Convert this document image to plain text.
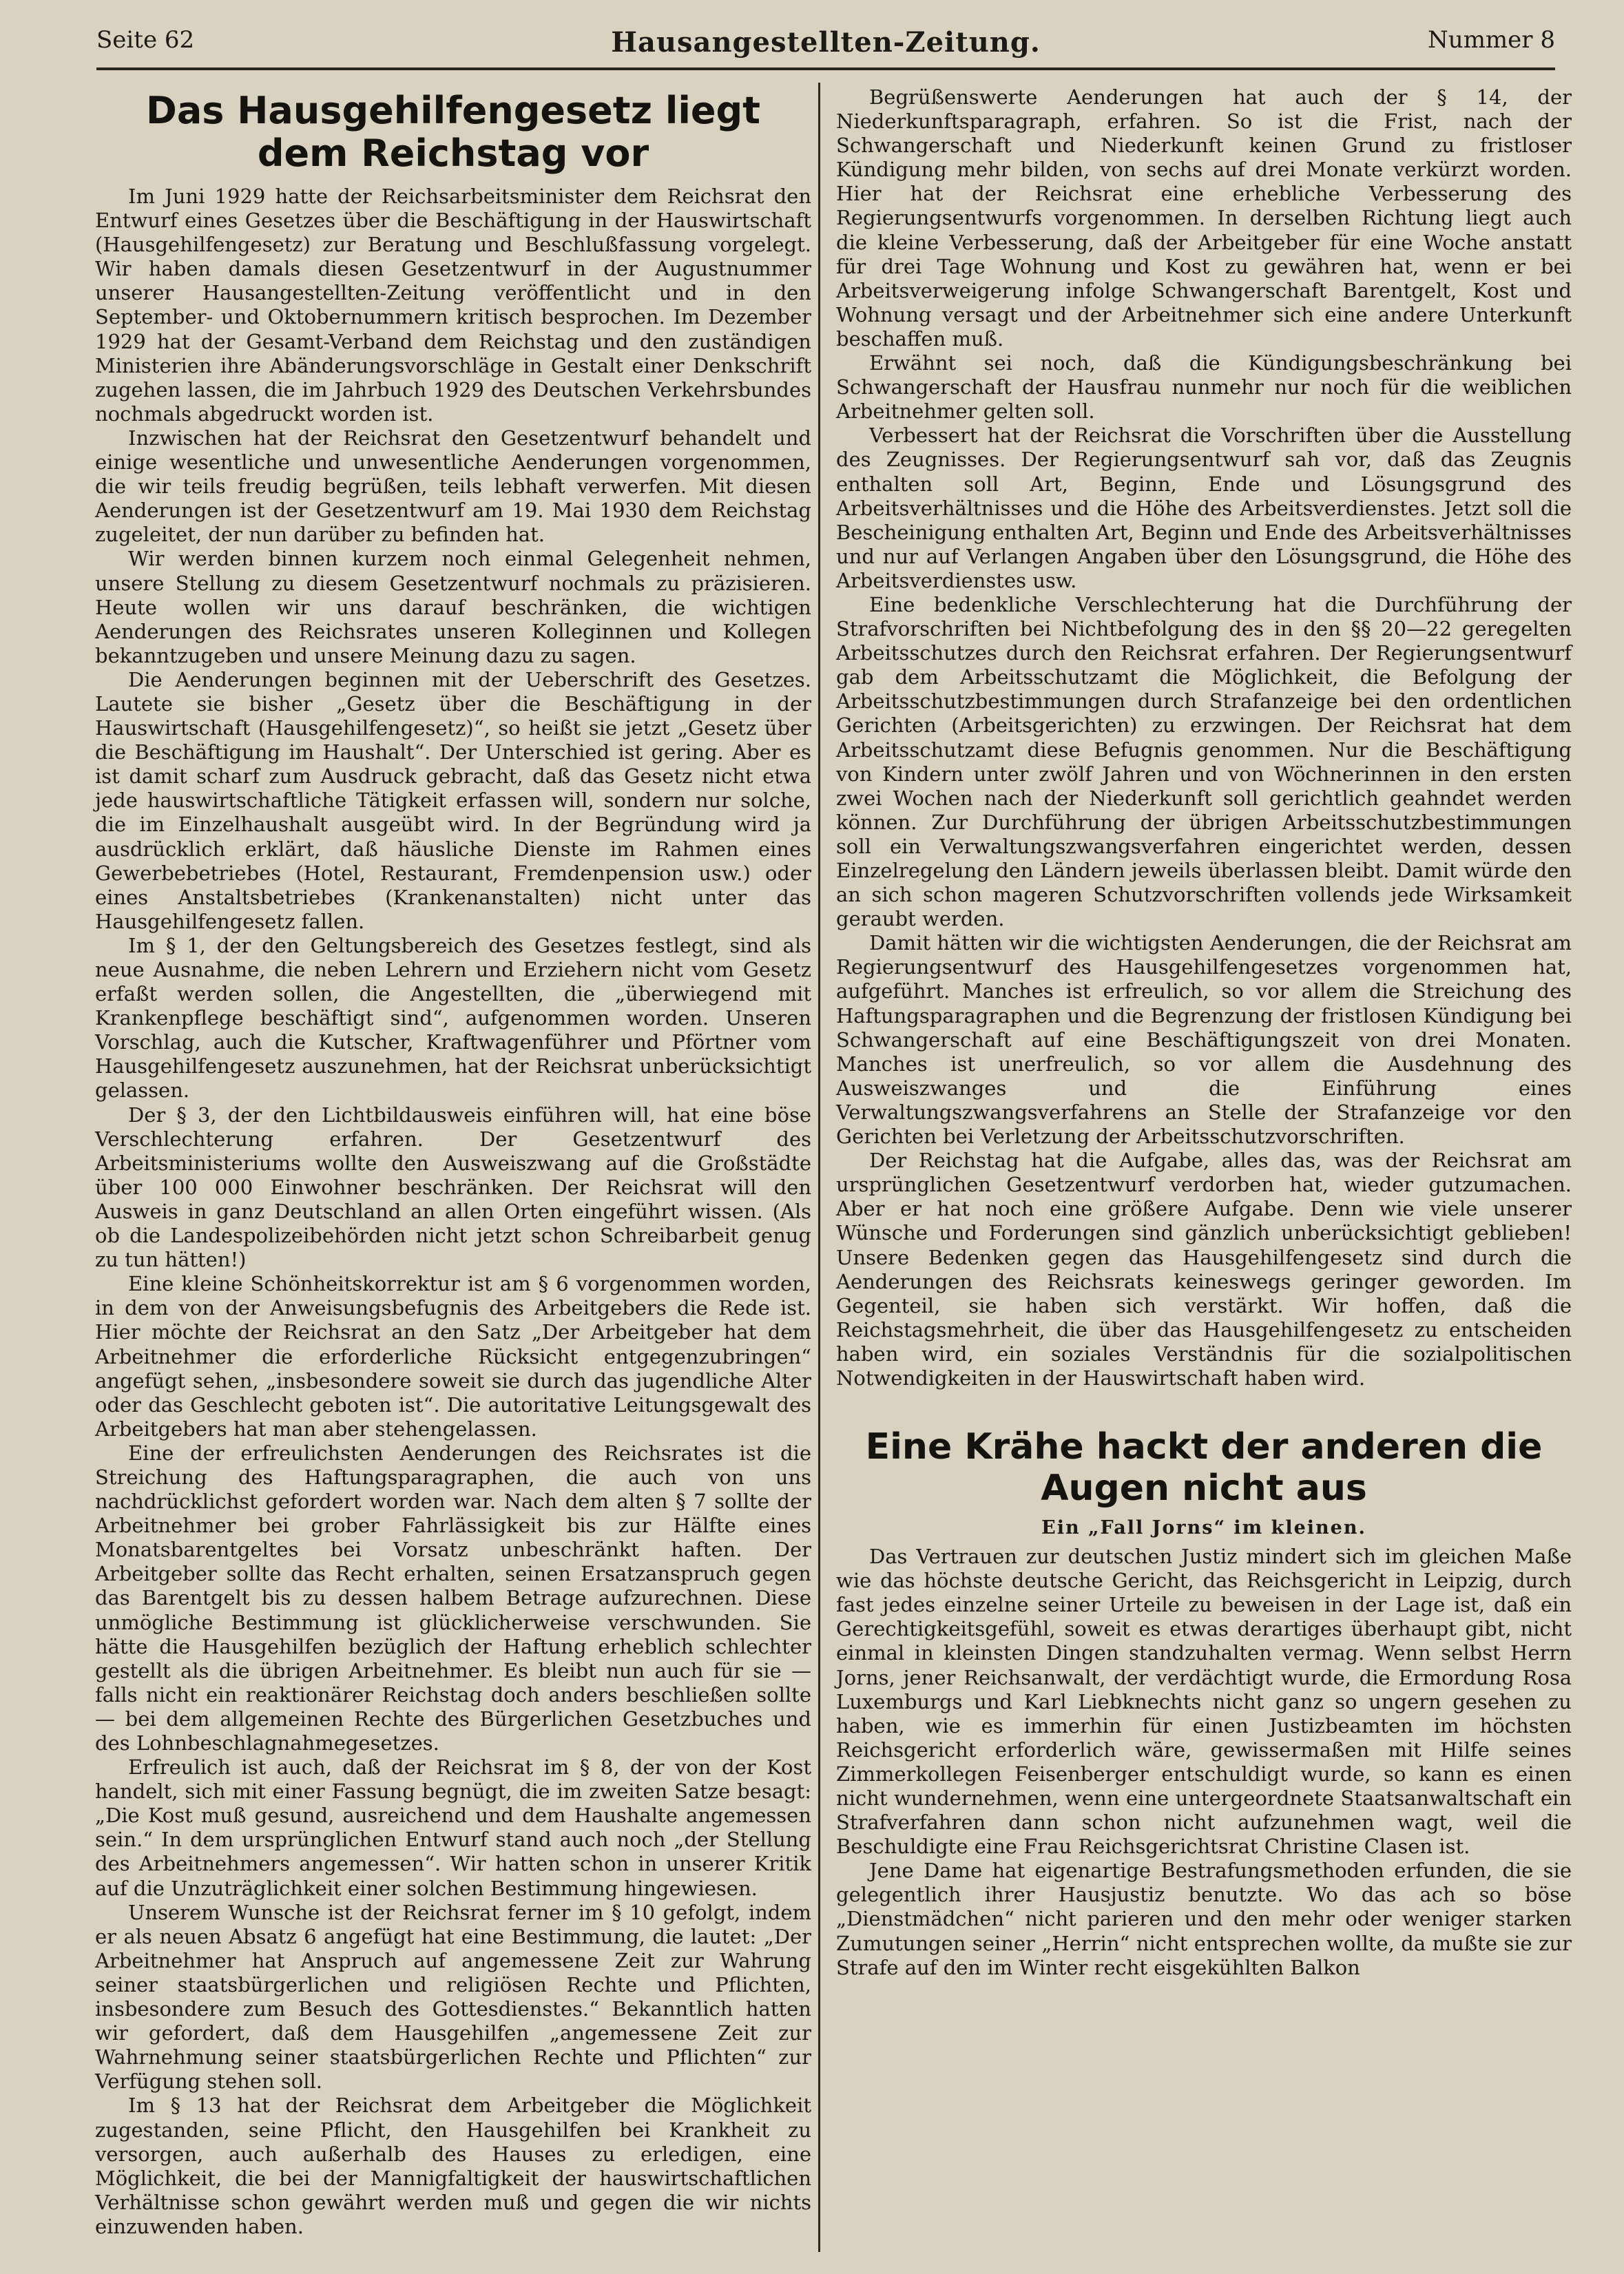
Seite 62	Hausangestellten-Zeitung.	Nummer 8
Das Hausgehilfengesetz liegt dem Reichstag vor

Im Juni 1929 hatte der Reichsarbeitsminister dem Reichsrat den Entwurf eines Gesetzes über die Beschäftigung in der Hauswirtschaft (Hausgehilfengesetz) zur Beratung und Beschlußfassung vorgelegt. Wir haben damals diesen Gesetzentwurf in der Augustnummer unserer Hausangestellten-Zeitung veröffentlicht und in den September- und Oktobernummern kritisch besprochen. Im Dezember 1929 hat der Gesamt-Verband dem Reichstag und den zuständigen Ministerien ihre Abänderungsvorschläge in Gestalt einer Denkschrift zugehen lassen, die im Jahrbuch 1929 des Deutschen Verkehrsbundes nochmals abgedruckt worden ist.

Inzwischen hat der Reichsrat den Gesetzentwurf behandelt und einige wesentliche und unwesentliche Aenderungen vorgenommen, die wir teils freudig begrüßen, teils lebhaft verwerfen. Mit diesen Aenderungen ist der Gesetzentwurf am 19. Mai 1930 dem Reichstag zugeleitet, der nun darüber zu befinden hat.

Wir werden binnen kurzem noch einmal Gelegenheit nehmen, unsere Stellung zu diesem Gesetzentwurf nochmals zu präzisieren. Heute wollen wir uns darauf beschränken, die wichtigen Aenderungen des Reichsrates unseren Kolleginnen und Kollegen bekanntzugeben und unsere Meinung dazu zu sagen.

Die Aenderungen beginnen mit der Ueberschrift des Gesetzes. Lautete sie bisher „Gesetz über die Beschäftigung in der Hauswirtschaft (Hausgehilfengesetz)“, so heißt sie jetzt „Gesetz über die Beschäftigung im Haushalt“. Der Unterschied ist gering. Aber es ist damit scharf zum Ausdruck gebracht, daß das Gesetz nicht etwa jede hauswirtschaftliche Tätigkeit erfassen will, sondern nur solche, die im Einzelhaushalt ausgeübt wird. In der Begründung wird ja ausdrücklich erklärt, daß häusliche Dienste im Rahmen eines Gewerbebetriebes (Hotel, Restaurant, Fremdenpension usw.) oder eines Anstaltsbetriebes (Krankenanstalten) nicht unter das Hausgehilfengesetz fallen.

Im § 1, der den Geltungsbereich des Gesetzes festlegt, sind als neue Ausnahme, die neben Lehrern und Erziehern nicht vom Gesetz erfaßt werden sollen, die Angestellten, die „überwiegend mit Krankenpflege beschäftigt sind“, aufgenommen worden. Unseren Vorschlag, auch die Kutscher, Kraftwagenführer und Pförtner vom Hausgehilfengesetz auszunehmen, hat der Reichsrat unberücksichtigt gelassen.

Der § 3, der den Lichtbildausweis einführen will, hat eine böse Verschlechterung erfahren. Der Gesetzentwurf des Arbeitsministeriums wollte den Ausweiszwang auf die Großstädte über 100 000 Einwohner beschränken. Der Reichsrat will den Ausweis in ganz Deutschland an allen Orten eingeführt wissen. (Als ob die Landespolizeibehörden nicht jetzt schon Schreibarbeit genug zu tun hätten!)

Eine kleine Schönheitskorrektur ist am § 6 vorgenommen worden, in dem von der Anweisungsbefugnis des Arbeitgebers die Rede ist. Hier möchte der Reichsrat an den Satz „Der Arbeitgeber hat dem Arbeitnehmer die erforderliche Rücksicht entgegenzubringen“ angefügt sehen, „insbesondere soweit sie durch das jugendliche Alter oder das Geschlecht geboten ist“. Die autoritative Leitungsgewalt des Arbeitgebers hat man aber stehengelassen.

Eine der erfreulichsten Aenderungen des Reichsrates ist die Streichung des Haftungsparagraphen, die auch von uns nachdrücklichst gefordert worden war. Nach dem alten § 7 sollte der Arbeitnehmer bei grober Fahrlässigkeit bis zur Hälfte eines Monatsbarentgeltes bei Vorsatz unbeschränkt haften. Der Arbeitgeber sollte das Recht erhalten, seinen Ersatzanspruch gegen das Barentgelt bis zu dessen halbem Betrage aufzurechnen. Diese unmögliche Bestimmung ist glücklicherweise verschwunden. Sie hätte die Hausgehilfen bezüglich der Haftung erheblich schlechter gestellt als die übrigen Arbeitnehmer. Es bleibt nun auch für sie — falls nicht ein reaktionärer Reichstag doch anders beschließen sollte — bei dem allgemeinen Rechte des Bürgerlichen Gesetzbuches und des Lohnbeschlagnahmegesetzes.

Erfreulich ist auch, daß der Reichsrat im § 8, der von der Kost handelt, sich mit einer Fassung begnügt, die im zweiten Satze besagt: „Die Kost muß gesund, ausreichend und dem Haushalte angemessen sein.“ In dem ursprünglichen Entwurf stand auch noch „der Stellung des Arbeitnehmers angemessen“. Wir hatten schon in unserer Kritik auf die Unzuträglichkeit einer solchen Bestimmung hingewiesen.

Unserem Wunsche ist der Reichsrat ferner im § 10 gefolgt, indem er als neuen Absatz 6 angefügt hat eine Bestimmung, die lautet: „Der Arbeitnehmer hat Anspruch auf angemessene Zeit zur Wahrung seiner staatsbürgerlichen und religiösen Rechte und Pflichten, insbesondere zum Besuch des Gottesdienstes.“ Bekanntlich hatten wir gefordert, daß dem Hausgehilfen „angemessene Zeit zur Wahrnehmung seiner staatsbürgerlichen Rechte und Pflichten“ zur Verfügung stehen soll.

Im § 13 hat der Reichsrat dem Arbeitgeber die Möglichkeit zugestanden, seine Pflicht, den Hausgehilfen bei Krankheit zu versorgen, auch außerhalb des Hauses zu erledigen, eine Möglichkeit, die bei der Mannigfaltigkeit der hauswirtschaftlichen Verhältnisse schon gewährt werden muß und gegen die wir nichts einzuwenden haben.

Begrüßenswerte Aenderungen hat auch der § 14, der Niederkunftsparagraph, erfahren. So ist die Frist, nach der Schwangerschaft und Niederkunft keinen Grund zu fristloser Kündigung mehr bilden, von sechs auf drei Monate verkürzt worden. Hier hat der Reichsrat eine erhebliche Verbesserung des Regierungsentwurfs vorgenommen. In derselben Richtung liegt auch die kleine Verbesserung, daß der Arbeitgeber für eine Woche anstatt für drei Tage Wohnung und Kost zu gewähren hat, wenn er bei Arbeitsverweigerung infolge Schwangerschaft Barentgelt, Kost und Wohnung versagt und der Arbeitnehmer sich eine andere Unterkunft beschaffen muß.

Erwähnt sei noch, daß die Kündigungsbeschränkung bei Schwangerschaft der Hausfrau nunmehr nur noch für die weiblichen Arbeitnehmer gelten soll.

Verbessert hat der Reichsrat die Vorschriften über die Ausstellung des Zeugnisses. Der Regierungsentwurf sah vor, daß das Zeugnis enthalten soll Art, Beginn, Ende und Lösungsgrund des Arbeitsverhältnisses und die Höhe des Arbeitsverdienstes. Jetzt soll die Bescheinigung enthalten Art, Beginn und Ende des Arbeitsverhältnisses und nur auf Verlangen Angaben über den Lösungsgrund, die Höhe des Arbeitsverdienstes usw.

Eine bedenkliche Verschlechterung hat die Durchführung der Strafvorschriften bei Nichtbefolgung des in den §§ 20—22 geregelten Arbeitsschutzes durch den Reichsrat erfahren. Der Regierungsentwurf gab dem Arbeitsschutzamt die Möglichkeit, die Befolgung der Arbeitsschutzbestimmungen durch Strafanzeige bei den ordentlichen Gerichten (Arbeitsgerichten) zu erzwingen. Der Reichsrat hat dem Arbeitsschutzamt diese Befugnis genommen. Nur die Beschäftigung von Kindern unter zwölf Jahren und von Wöchnerinnen in den ersten zwei Wochen nach der Niederkunft soll gerichtlich geahndet werden können. Zur Durchführung der übrigen Arbeitsschutzbestimmungen soll ein Verwaltungszwangsverfahren eingerichtet werden, dessen Einzelregelung den Ländern jeweils überlassen bleibt. Damit würde den an sich schon mageren Schutzvorschriften vollends jede Wirksamkeit geraubt werden.

Damit hätten wir die wichtigsten Aenderungen, die der Reichsrat am Regierungsentwurf des Hausgehilfengesetzes vorgenommen hat, aufgeführt. Manches ist erfreulich, so vor allem die Streichung des Haftungsparagraphen und die Begrenzung der fristlosen Kündigung bei Schwangerschaft auf eine Beschäftigungszeit von drei Monaten. Manches ist unerfreulich, so vor allem die Ausdehnung des Ausweiszwanges und die Einführung eines Verwaltungszwangsverfahrens an Stelle der Strafanzeige vor den Gerichten bei Verletzung der Arbeitsschutzvorschriften.

Der Reichstag hat die Aufgabe, alles das, was der Reichsrat am ursprünglichen Gesetzentwurf verdorben hat, wieder gutzumachen. Aber er hat noch eine größere Aufgabe. Denn wie viele unserer Wünsche und Forderungen sind gänzlich unberücksichtigt geblieben! Unsere Bedenken gegen das Hausgehilfengesetz sind durch die Aenderungen des Reichsrats keineswegs geringer geworden. Im Gegenteil, sie haben sich verstärkt. Wir hoffen, daß die Reichstagsmehrheit, die über das Hausgehilfengesetz zu entscheiden haben wird, ein soziales Verständnis für die sozialpolitischen Notwendigkeiten in der Hauswirtschaft haben wird.

Eine Krähe hackt der anderen die Augen nicht aus
Ein „Fall Jorns“ im kleinen.

Das Vertrauen zur deutschen Justiz mindert sich im gleichen Maße wie das höchste deutsche Gericht, das Reichsgericht in Leipzig, durch fast jedes einzelne seiner Urteile zu beweisen in der Lage ist, daß ein Gerechtigkeitsgefühl, soweit es etwas derartiges überhaupt gibt, nicht einmal in kleinsten Dingen standzuhalten vermag. Wenn selbst Herrn Jorns, jener Reichsanwalt, der verdächtigt wurde, die Ermordung Rosa Luxemburgs und Karl Liebknechts nicht ganz so ungern gesehen zu haben, wie es immerhin für einen Justizbeamten im höchsten Reichsgericht erforderlich wäre, gewissermaßen mit Hilfe seines Zimmerkollegen Feisenberger entschuldigt wurde, so kann es einen nicht wundernehmen, wenn eine untergeordnete Staatsanwaltschaft ein Strafverfahren dann schon nicht aufzunehmen wagt, weil die Beschuldigte eine Frau Reichsgerichtsrat Christine Clasen ist.

Jene Dame hat eigenartige Bestrafungsmethoden erfunden, die sie gelegentlich ihrer Hausjustiz benutzte. Wo das ach so böse „Dienstmädchen“ nicht parieren und den mehr oder weniger starken Zumutungen seiner „Herrin“ nicht entsprechen wollte, da mußte sie zur Strafe auf den im Winter recht eisgekühlten Balkon
